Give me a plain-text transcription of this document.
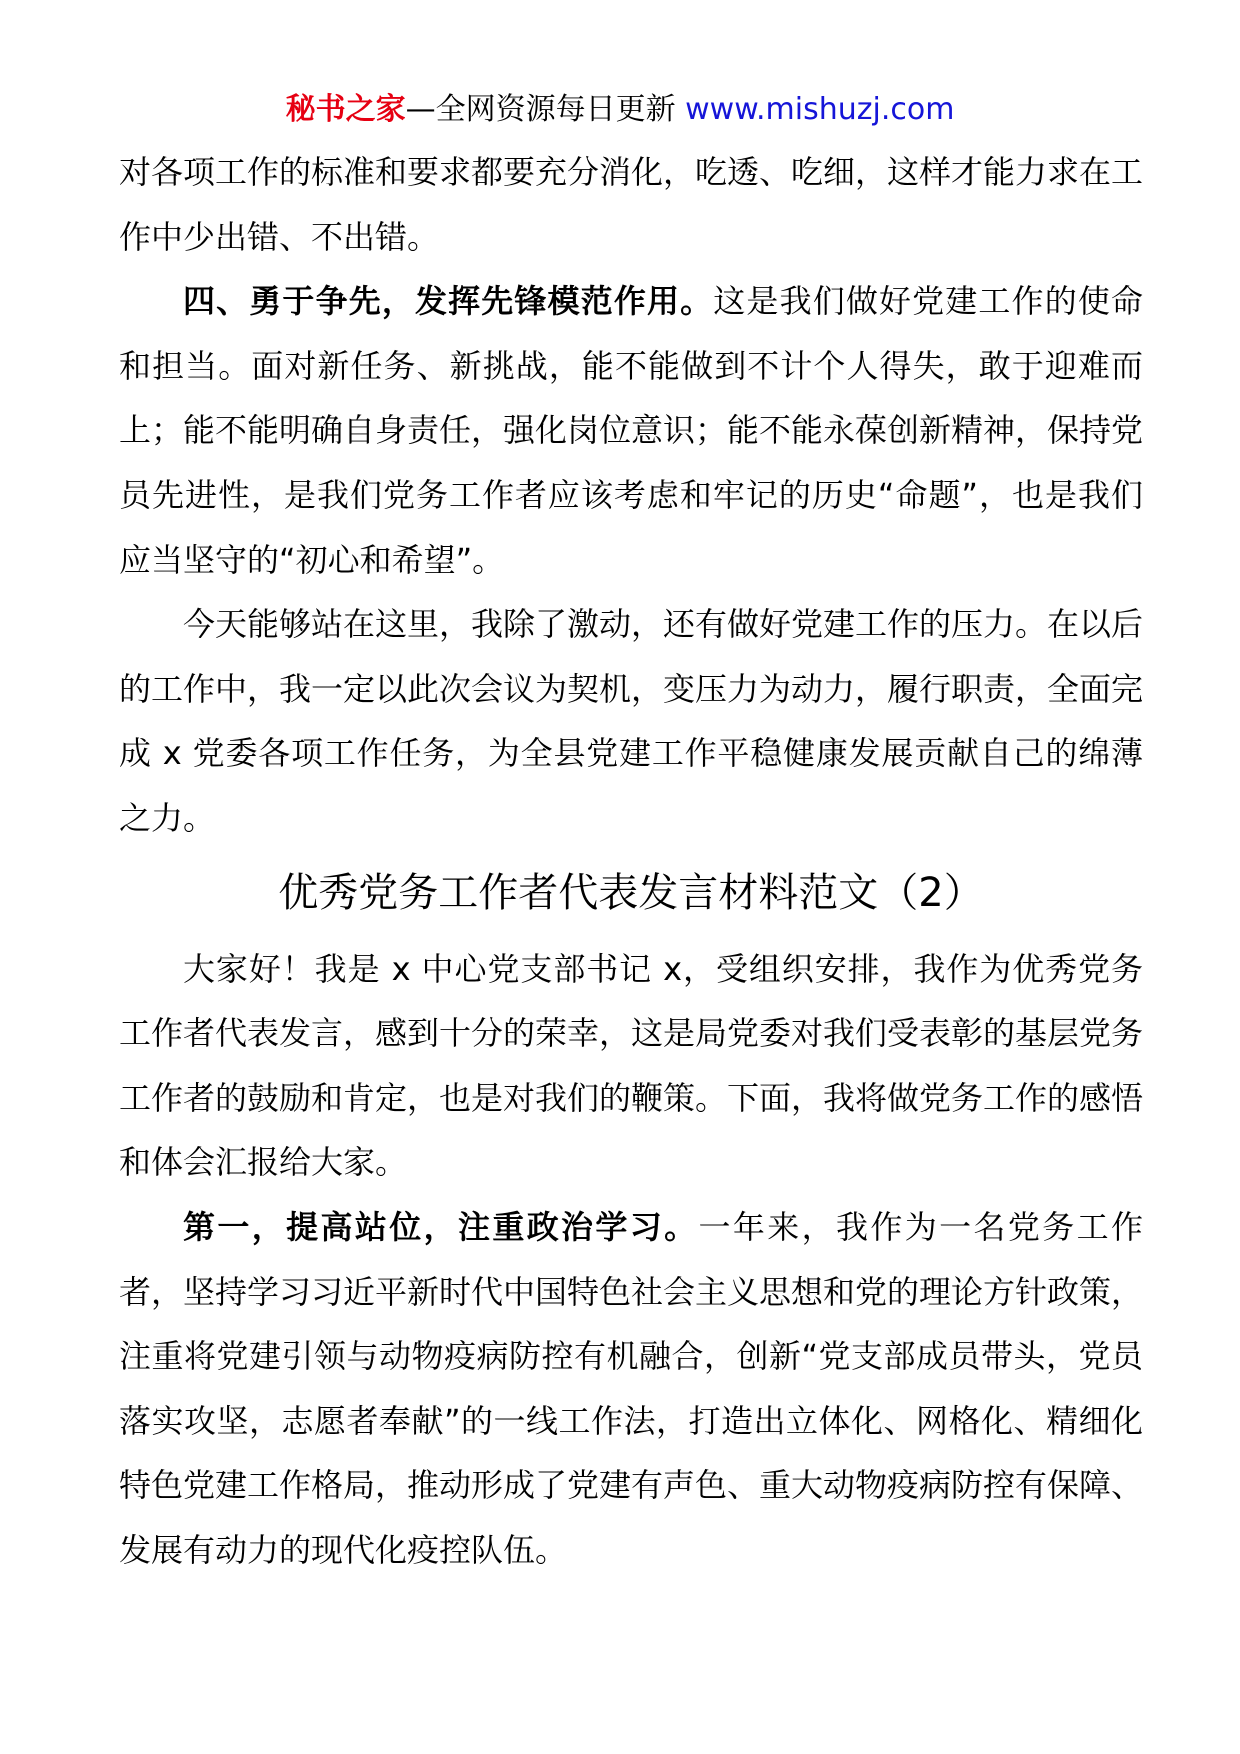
秘书之家—全网资源每日更新 www.mishuzj.com

对各项工作的标准和要求都要充分消化，吃透、吃细，这样才能力求在工作中少出错、不出错。

四、勇于争先，发挥先锋模范作用。这是我们做好党建工作的使命和担当。面对新任务、新挑战，能不能做到不计个人得失，敢于迎难而上；能不能明确自身责任，强化岗位意识；能不能永葆创新精神，保持党员先进性，是我们党务工作者应该考虑和牢记的历史“命题”，也是我们应当坚守的“初心和希望”。

今天能够站在这里，我除了激动，还有做好党建工作的压力。在以后的工作中，我一定以此次会议为契机，变压力为动力，履行职责，全面完成 x 党委各项工作任务，为全县党建工作平稳健康发展贡献自己的绵薄之力。

优秀党务工作者代表发言材料范文（2）

大家好！我是 x 中心党支部书记 x，受组织安排，我作为优秀党务工作者代表发言，感到十分的荣幸，这是局党委对我们受表彰的基层党务工作者的鼓励和肯定，也是对我们的鞭策。下面，我将做党务工作的感悟和体会汇报给大家。

第一，提高站位，注重政治学习。一年来，我作为一名党务工作者，坚持学习习近平新时代中国特色社会主义思想和党的理论方针政策，注重将党建引领与动物疫病防控有机融合，创新“党支部成员带头，党员落实攻坚，志愿者奉献”的一线工作法，打造出立体化、网格化、精细化特色党建工作格局，推动形成了党建有声色、重大动物疫病防控有保障、发展有动力的现代化疫控队伍。
